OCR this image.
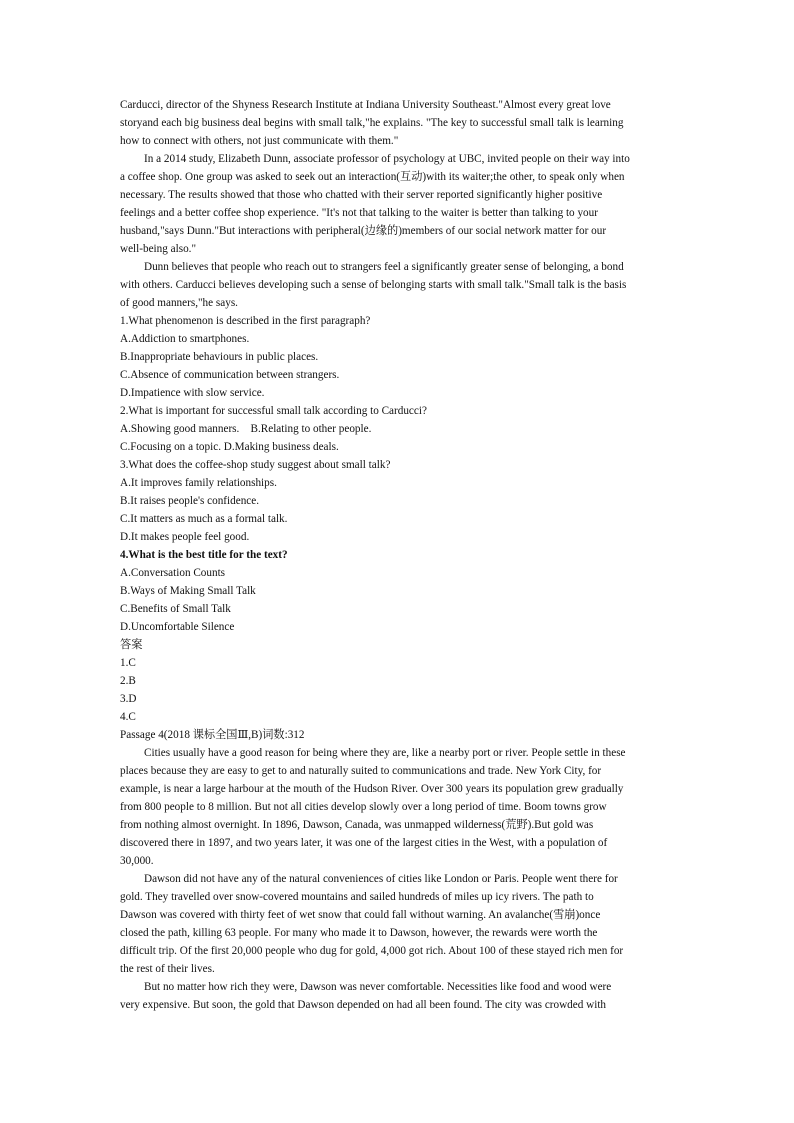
Carducci, director of the Shyness Research Institute at Indiana University Southeast."Almost every great love
storyand each big business deal begins with small talk,"he explains. "The key to successful small talk is learning
how to connect with others, not just communicate with them."
In a 2014 study, Elizabeth Dunn, associate professor of psychology at UBC, invited people on their way into
a coffee shop. One group was asked to seek out an interaction(互动)with its waiter;the other, to speak only when
necessary. The results showed that those who chatted with their server reported significantly higher positive
feelings and a better coffee shop experience. "It's not that talking to the waiter is better than talking to your
husband,"says Dunn."But interactions with peripheral(边缘的)members of our social network matter for our
well-being also."
Dunn believes that people who reach out to strangers feel a significantly greater sense of belonging, a bond
with others. Carducci believes developing such a sense of belonging starts with small talk."Small talk is the basis
of good manners,"he says.
1.What phenomenon is described in the first paragraph?
A.Addiction to smartphones.
B.Inappropriate behaviours in public places.
C.Absence of communication between strangers.
D.Impatience with slow service.
2.What is important for successful small talk according to Carducci?
A.Showing good manners.    B.Relating to other people.
C.Focusing on a topic. D.Making business deals.
3.What does the coffee-shop study suggest about small talk?
A.It improves family relationships.
B.It raises people's confidence.
C.It matters as much as a formal talk.
D.It makes people feel good.
4.What is the best title for the text?
A.Conversation Counts
B.Ways of Making Small Talk
C.Benefits of Small Talk
D.Uncomfortable Silence
答案
1.C
2.B
3.D
4.C
Passage 4(2018 课标全国Ⅲ,B)词数:312
Cities usually have a good reason for being where they are, like a nearby port or river. People settle in these
places because they are easy to get to and naturally suited to communications and trade. New York City, for
example, is near a large harbour at the mouth of the Hudson River. Over 300 years its population grew gradually
from 800 people to 8 million. But not all cities develop slowly over a long period of time. Boom towns grow
from nothing almost overnight. In 1896, Dawson, Canada, was unmapped wilderness(荒野).But gold was
discovered there in 1897, and two years later, it was one of the largest cities in the West, with a population of
30,000.
Dawson did not have any of the natural conveniences of cities like London or Paris. People went there for
gold. They travelled over snow-covered mountains and sailed hundreds of miles up icy rivers. The path to
Dawson was covered with thirty feet of wet snow that could fall without warning. An avalanche(雪崩)once
closed the path, killing 63 people. For many who made it to Dawson, however, the rewards were worth the
difficult trip. Of the first 20,000 people who dug for gold, 4,000 got rich. About 100 of these stayed rich men for
the rest of their lives.
But no matter how rich they were, Dawson was never comfortable. Necessities like food and wood were
very expensive. But soon, the gold that Dawson depended on had all been found. The city was crowded with
